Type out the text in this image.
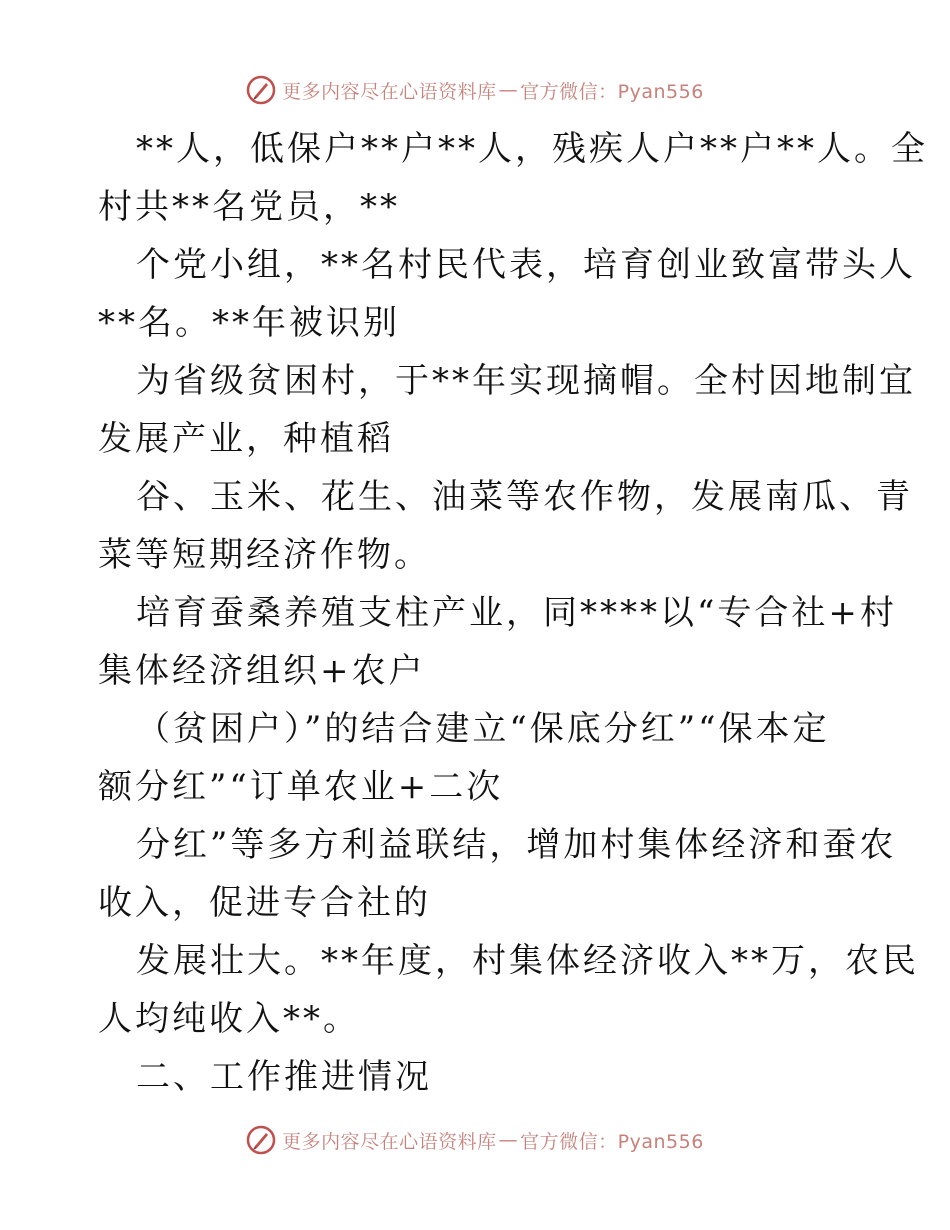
更多内容尽在心语资料库 — 官方微信：Pyan556
**人，低保户**户**人，残疾人户**户**人。全
村共**名党员，**
个党小组，**名村民代表，培育创业致富带头人
**名。**年被识别
为省级贫困村，于**年实现摘帽。全村因地制宜
发展产业，种植稻
谷、玉米、花生、油菜等农作物，发展南瓜、青
菜等短期经济作物。
培育蚕桑养殖支柱产业，同****以“专合社+村
集体经济组织+农户
（贫困户）”的结合建立“保底分红”“保本定
额分红”“订单农业+二次
分红”等多方利益联结，增加村集体经济和蚕农
收入，促进专合社的
发展壮大。**年度，村集体经济收入**万，农民
人均纯收入**。
二、工作推进情况
更多内容尽在心语资料库 — 官方微信：Pyan556
